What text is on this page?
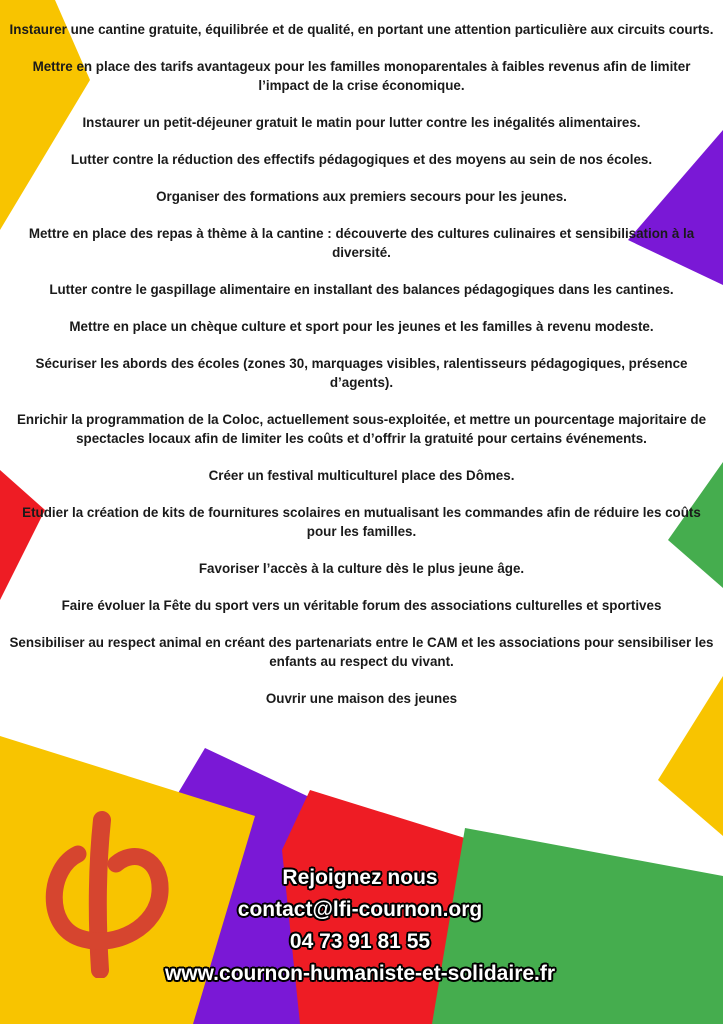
Instaurer une cantine gratuite, équilibrée et de qualité, en portant une attention particulière aux circuits courts.
Mettre en place des tarifs avantageux pour les familles monoparentales à faibles revenus afin de limiter l’impact de la crise économique.
Instaurer un petit-déjeuner gratuit le matin pour lutter contre les inégalités alimentaires.
Lutter contre la réduction des effectifs pédagogiques et des moyens au sein de nos écoles.
Organiser des formations aux premiers secours pour les jeunes.
Mettre en place des repas à thème à la cantine : découverte des cultures culinaires et sensibilisation à la diversité.
Lutter contre le gaspillage alimentaire en installant des balances pédagogiques dans les cantines.
Mettre en place un chèque culture et sport pour les jeunes et les familles à revenu modeste.
Sécuriser les abords des écoles (zones 30, marquages visibles, ralentisseurs pédagogiques, présence d’agents).
Enrichir la programmation de la Coloc, actuellement sous-exploitée, et mettre un pourcentage majoritaire de spectacles locaux afin de limiter les coûts et d’offrir la gratuité pour certains événements.
Créer un festival multiculturel place des Dômes.
Etudier la création de kits de fournitures scolaires en mutualisant les commandes afin de réduire les coûts pour les familles.
Favoriser l’accès à la culture dès le plus jeune âge.
Faire évoluer la Fête du sport vers un véritable forum des associations culturelles et sportives
Sensibiliser au respect animal en créant des partenariats entre le CAM et les associations pour sensibiliser les enfants au respect du vivant.
Ouvrir une maison des jeunes
Rejoignez nous
contact@lfi-cournon.org
04 73 91 81 55
www.cournon-humaniste-et-solidaire.fr
